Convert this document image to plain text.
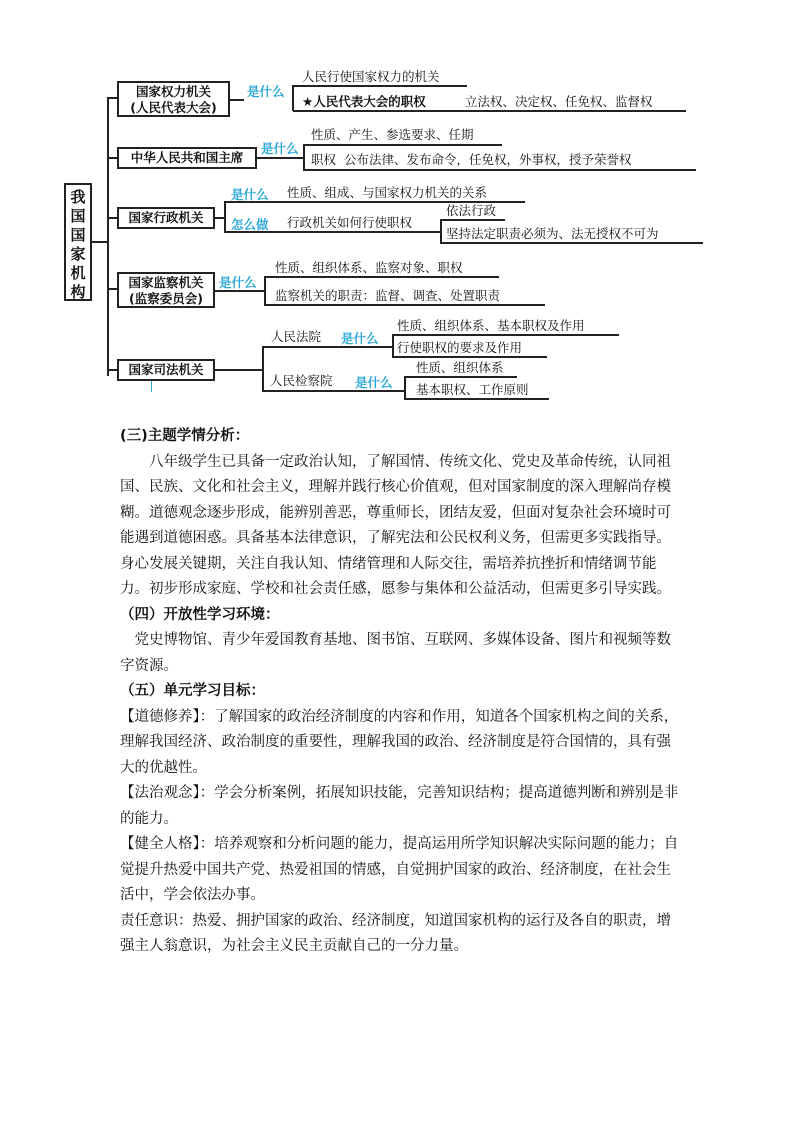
我
国
国
家
机
构
国家权力机关
(人民代表大会)
是什么
人民行使国家权力的机关
★人民代表大会的职权	立法权、决定权、任免权、监督权
中华人民共和国主席
是什么
性质、产生、参选要求、任期
职权  公布法律、发布命令，任免权，外事权，授予荣誉权
国家行政机关
是什么 性质、组成、与国家权力机关的关系
怎么做 行政机关如何行使职权
依法行政
坚持法定职责必须为、法无授权不可为
国家监察机关
(监察委员会)
是什么
性质、组织体系、监察对象、职权
监察机关的职责：监督、调查、处置职责
国家司法机关
人民法院 是什么
性质、组织体系、基本职权及作用
行使职权的要求及作用
人民检察院 是什么
性质、组织体系
基本职权、工作原则

(三)主题学情分析：

八年级学生已具备一定政治认知，了解国情、传统文化、党史及革命传统，认同祖国、民族、文化和社会主义，理解并践行核心价值观，但对国家制度的深入理解尚存模糊。道德观念逐步形成，能辨别善恶，尊重师长，团结友爱，但面对复杂社会环境时可能遇到道德困惑。具备基本法律意识，了解宪法和公民权利义务，但需更多实践指导。身心发展关键期，关注自我认知、情绪管理和人际交往，需培养抗挫折和情绪调节能力。初步形成家庭、学校和社会责任感，愿参与集体和公益活动，但需更多引导实践。

（四）开放性学习环境：

党史博物馆、青少年爱国教育基地、图书馆、互联网、多媒体设备、图片和视频等数字资源。

（五）单元学习目标：

【道德修养】：了解国家的政治经济制度的内容和作用，知道各个国家机构之间的关系，理解我国经济、政治制度的重要性，理解我国的政治、经济制度是符合国情的，具有强大的优越性。

【法治观念】：学会分析案例，拓展知识技能，完善知识结构；提高道德判断和辨别是非的能力。

【健全人格】：培养观察和分析问题的能力，提高运用所学知识解决实际问题的能力；自觉提升热爱中国共产党、热爱祖国的情感，自觉拥护国家的政治、经济制度，在社会生活中，学会依法办事。

责任意识：热爱、拥护国家的政治、经济制度，知道国家机构的运行及各自的职责，增强主人翁意识，为社会主义民主贡献自己的一分力量。
